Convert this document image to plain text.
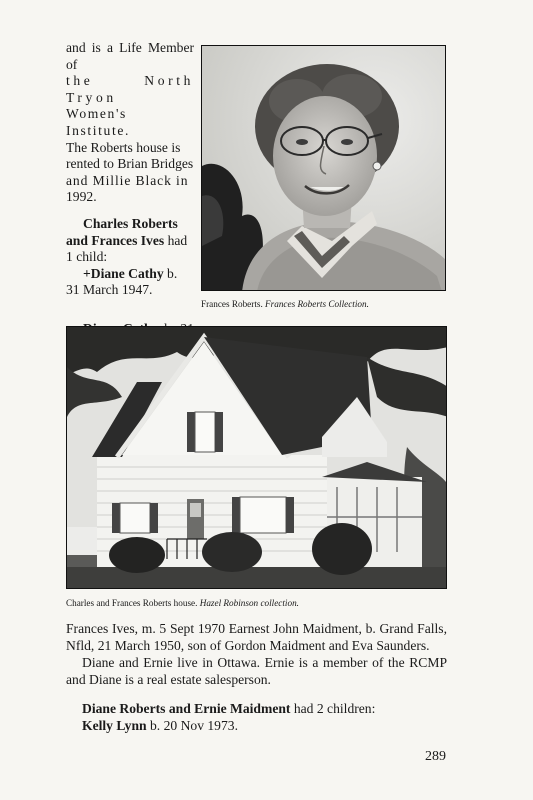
and is a Life Member of
the North Tryon
Women's Institute.
The Roberts house is
rented to Brian Bridges
and Millie Black in
1992.

Charles Roberts and Frances Ives had 1 child:

+Diane Cathy b. 31 March 1947.

Frances Roberts. Frances Roberts Collection.
Charles and Frances Roberts house. Hazel Robinson collection.

Frances Ives, m. 5 Sept 1970 Earnest John Maidment, b. Grand Falls, Nfld, 21 March 1950, son of Gordon Maidment and Eva Saunders.

Diane and Ernie live in Ottawa. Ernie is a member of the RCMP and Diane is a real estate salesperson.

Diane Roberts and Ernie Maidment had 2 children:

Kelly Lynn b. 20 Nov 1973.

289
